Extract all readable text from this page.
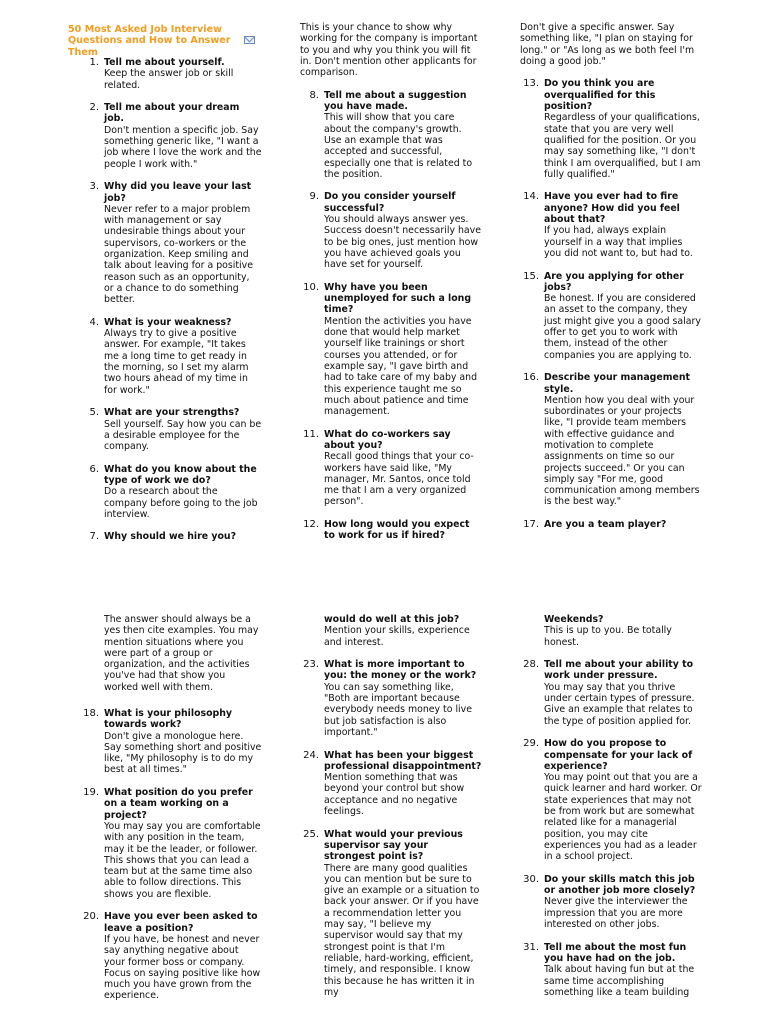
50 Most Asked Job Interview Questions and How to Answer Them
1. Tell me about yourself.
Keep the answer job or skill related.
2. Tell me about your dream job.
Don't mention a specific job. Say something generic like, "I want a job where I love the work and the people I work with."
3. Why did you leave your last job?
Never refer to a major problem with management or say undesirable things about your supervisors, co-workers or the organization. Keep smiling and talk about leaving for a positive reason such as an opportunity, or a chance to do something better.
4. What is your weakness?
Always try to give a positive answer. For example, "It takes me a long time to get ready in the morning, so I set my alarm two hours ahead of my time in for work."
5. What are your strengths?
Sell yourself. Say how you can be a desirable employee for the company.
6. What do you know about the type of work we do?
Do a research about the company before going to the job interview.
7. Why should we hire you?
This is your chance to show why working for the company is important to you and why you think you will fit in. Don't mention other applicants for comparison.
8. Tell me about a suggestion you have made.
This will show that you care about the company's growth. Use an example that was accepted and successful, especially one that is related to the position.
9. Do you consider yourself successful?
You should always answer yes. Success doesn't necessarily have to be big ones, just mention how you have achieved goals you have set for yourself.
10. Why have you been unemployed for such a long time?
Mention the activities you have done that would help market yourself like trainings or short courses you attended, or for example say, "I gave birth and had to take care of my baby and this experience taught me so much about patience and time management.
11. What do co-workers say about you?
Recall good things that your co-workers have said like, "My manager, Mr. Santos, once told me that I am a very organized person".
12. How long would you expect to work for us if hired?
Don't give a specific answer. Say something like, "I plan on staying for long." or "As long as we both feel I'm doing a good job."
13. Do you think you are overqualified for this position?
Regardless of your qualifications, state that you are very well qualified for the position. Or you may say something like, "I don't think I am overqualified, but I am fully qualified."
14. Have you ever had to fire anyone? How did you feel about that?
If you had, always explain yourself in a way that implies you did not want to, but had to.
15. Are you applying for other jobs?
Be honest. If you are considered an asset to the company, they just might give you a good salary offer to get you to work with them, instead of the other companies you are applying to.
16. Describe your management style.
Mention how you deal with your subordinates or your projects like, "I provide team members with effective guidance and motivation to complete assignments on time so our projects succeed." Or you can simply say "For me, good communication among members is the best way."
17. Are you a team player?
The answer should always be a yes then cite examples. You may mention situations where you were part of a group or organization, and the activities you've had that show you worked well with them.
18. What is your philosophy towards work?
Don't give a monologue here. Say something short and positive like, "My philosophy is to do my best at all times."
19. What position do you prefer on a team working on a project?
You may say you are comfortable with any position in the team, may it be the leader, or follower. This shows that you can lead a team but at the same time also able to follow directions. This shows you are flexible.
20. Have you ever been asked to leave a position?
If you have, be honest and never say anything negative about your former boss or company. Focus on saying positive like how much you have grown from the experience.
would do well at this job?
Mention your skills, experience and interest.
23. What is more important to you: the money or the work?
You can say something like, "Both are important because everybody needs money to live but job satisfaction is also important."
24. What has been your biggest professional disappointment?
Mention something that was beyond your control but show acceptance and no negative feelings.
25. What would your previous supervisor say your strongest point is?
There are many good qualities you can mention but be sure to give an example or a situation to back your answer. Or if you have a recommendation letter you may say, "I believe my supervisor would say that my strongest point is that I'm reliable, hard-working, efficient, timely, and responsible. I know this because he has written it in my
Weekends?
This is up to you. Be totally honest.
28. Tell me about your ability to work under pressure.
You may say that you thrive under certain types of pressure. Give an example that relates to the type of position applied for.
29. How do you propose to compensate for your lack of experience?
You may point out that you are a quick learner and hard worker. Or state experiences that may not be from work but are somewhat related like for a managerial position, you may cite experiences you had as a leader in a school project.
30. Do your skills match this job or another job more closely?
Never give the interviewer the impression that you are more interested on other jobs.
31. Tell me about the most fun you have had on the job.
Talk about having fun but at the same time accomplishing something like a team building
